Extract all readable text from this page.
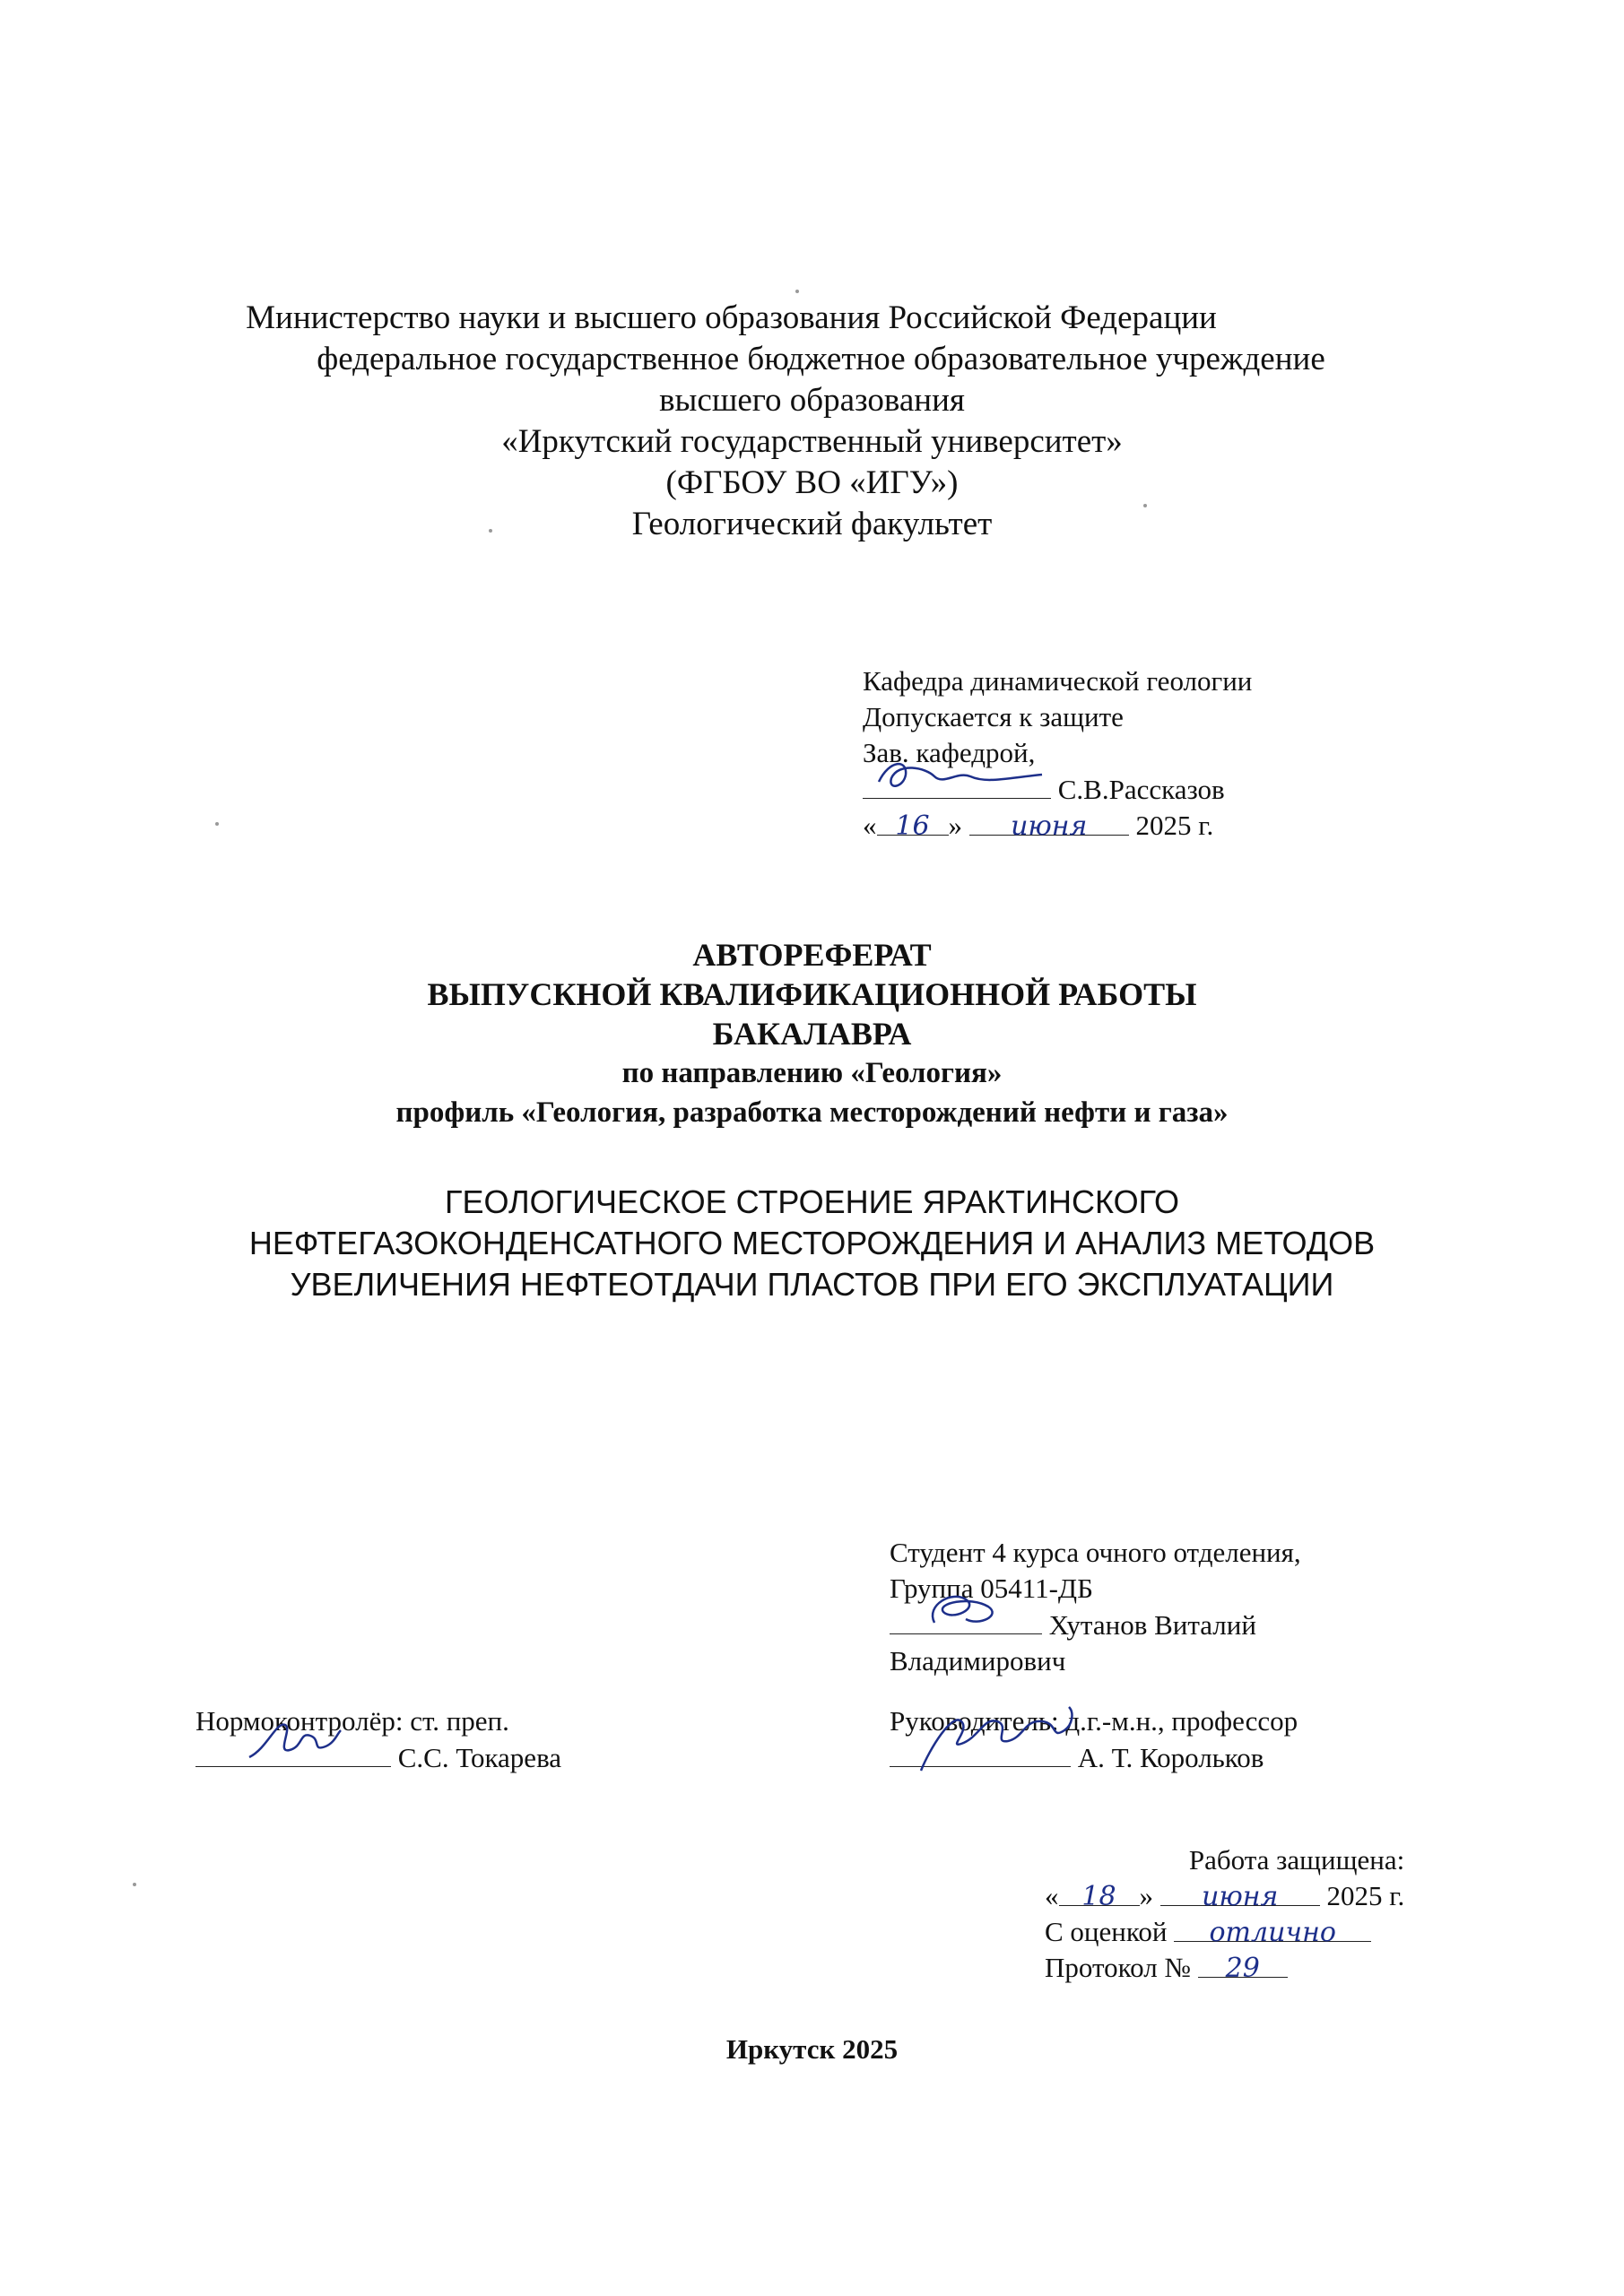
Министерство науки и высшего образования Российской Федерации
федеральное государственное бюджетное образовательное учреждение
высшего образования
«Иркутский государственный университет»
(ФГБОУ ВО «ИГУ»)
Геологический факультет
Кафедра динамической геологии
Допускается к защите
Зав. кафедрой,
С.В.Рассказов
« 16 » июня 2025 г.
АВТОРЕФЕРАТ
ВЫПУСКНОЙ КВАЛИФИКАЦИОННОЙ РАБОТЫ
БАКАЛАВРА
по направлению «Геология»
профиль «Геология, разработка месторождений нефти и газа»
ГЕОЛОГИЧЕСКОЕ СТРОЕНИЕ ЯРАКТИНСКОГО
НЕФТЕГАЗОКОНДЕНСАТНОГО МЕСТОРОЖДЕНИЯ И АНАЛИЗ МЕТОДОВ
УВЕЛИЧЕНИЯ НЕФТЕОТДАЧИ ПЛАСТОВ ПРИ ЕГО ЭКСПЛУАТАЦИИ
Студент 4 курса очного отделения,
Группа 05411-ДБ
Хутанов Виталий
Владимирович
Нормоконтролёр: ст. преп.
С.С. Токарева
Руководитель: д.г.-м.н., профессор
А. Т. Корольков
Работа защищена:
« 18 » июня 2025 г.
С оценкой отлично
Протокол № 29
Иркутск 2025
